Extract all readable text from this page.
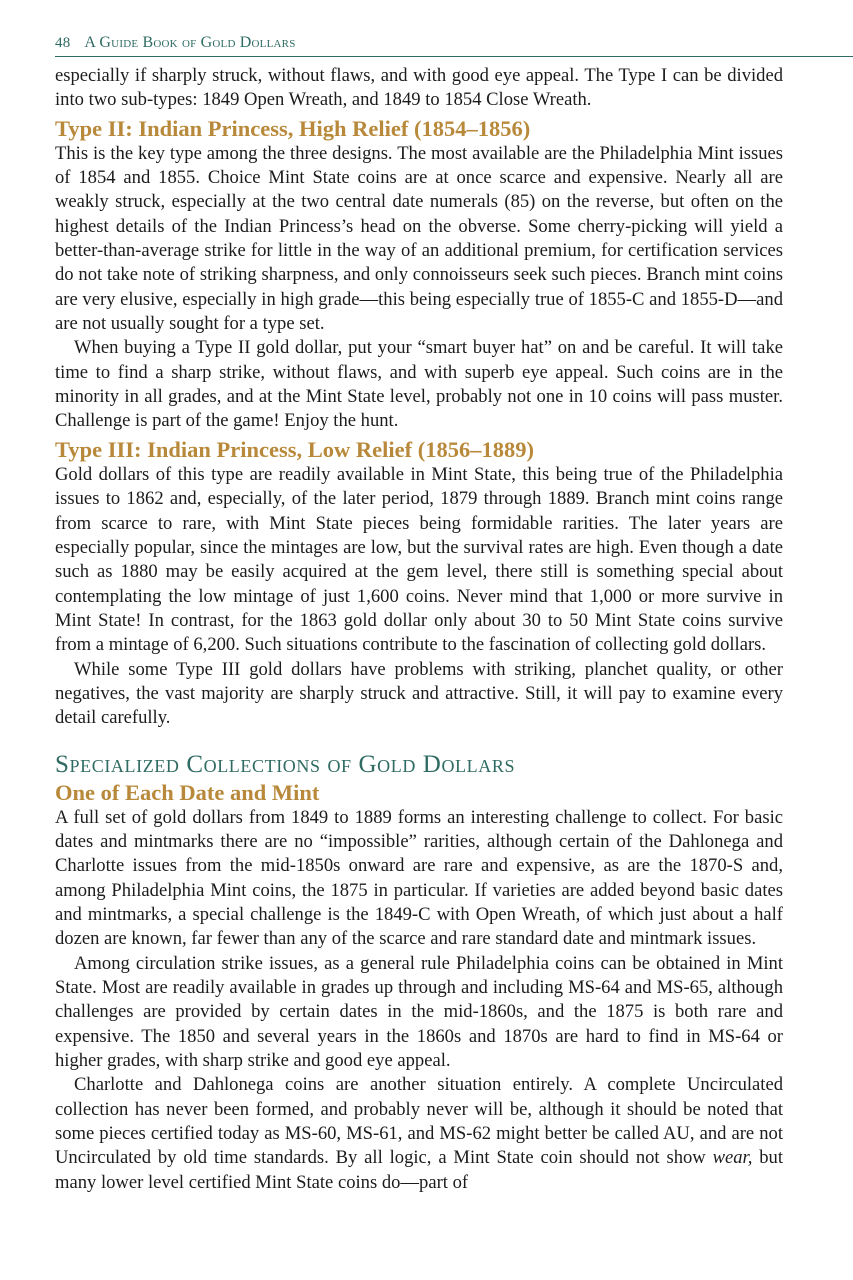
48 A Guide Book of Gold Dollars

especially if sharply struck, without flaws, and with good eye appeal. The Type I can be divided into two sub-types: 1849 Open Wreath, and 1849 to 1854 Close Wreath.

Type II: Indian Princess, High Relief (1854–1856)

This is the key type among the three designs. The most available are the Philadelphia Mint issues of 1854 and 1855. Choice Mint State coins are at once scarce and expensive. Nearly all are weakly struck, especially at the two central date numerals (85) on the reverse, but often on the highest details of the Indian Princess’s head on the obverse. Some cherry-picking will yield a better-than-average strike for little in the way of an additional premium, for certification services do not take note of striking sharpness, and only connoisseurs seek such pieces. Branch mint coins are very elusive, especially in high grade—this being especially true of 1855-C and 1855-D—and are not usually sought for a type set.

When buying a Type II gold dollar, put your “smart buyer hat” on and be careful. It will take time to find a sharp strike, without flaws, and with superb eye appeal. Such coins are in the minority in all grades, and at the Mint State level, probably not one in 10 coins will pass muster. Challenge is part of the game! Enjoy the hunt.

Type III: Indian Princess, Low Relief (1856–1889)

Gold dollars of this type are readily available in Mint State, this being true of the Philadelphia issues to 1862 and, especially, of the later period, 1879 through 1889. Branch mint coins range from scarce to rare, with Mint State pieces being formidable rarities. The later years are especially popular, since the mintages are low, but the survival rates are high. Even though a date such as 1880 may be easily acquired at the gem level, there still is something special about contemplating the low mintage of just 1,600 coins. Never mind that 1,000 or more survive in Mint State! In contrast, for the 1863 gold dollar only about 30 to 50 Mint State coins survive from a mintage of 6,200. Such situations contribute to the fascination of collecting gold dollars.

While some Type III gold dollars have problems with striking, planchet quality, or other negatives, the vast majority are sharply struck and attractive. Still, it will pay to examine every detail carefully.

Specialized Collections of Gold Dollars
One of Each Date and Mint

A full set of gold dollars from 1849 to 1889 forms an interesting challenge to collect. For basic dates and mintmarks there are no “impossible” rarities, although certain of the Dahlonega and Charlotte issues from the mid-1850s onward are rare and expensive, as are the 1870-S and, among Philadelphia Mint coins, the 1875 in particular. If varieties are added beyond basic dates and mintmarks, a special challenge is the 1849-C with Open Wreath, of which just about a half dozen are known, far fewer than any of the scarce and rare standard date and mintmark issues.

Among circulation strike issues, as a general rule Philadelphia coins can be obtained in Mint State. Most are readily available in grades up through and including MS-64 and MS-65, although challenges are provided by certain dates in the mid-1860s, and the 1875 is both rare and expensive. The 1850 and several years in the 1860s and 1870s are hard to find in MS-64 or higher grades, with sharp strike and good eye appeal.

Charlotte and Dahlonega coins are another situation entirely. A complete Uncirculated collection has never been formed, and probably never will be, although it should be noted that some pieces certified today as MS-60, MS-61, and MS-62 might better be called AU, and are not Uncirculated by old time standards. By all logic, a Mint State coin should not show wear, but many lower level certified Mint State coins do—part of
